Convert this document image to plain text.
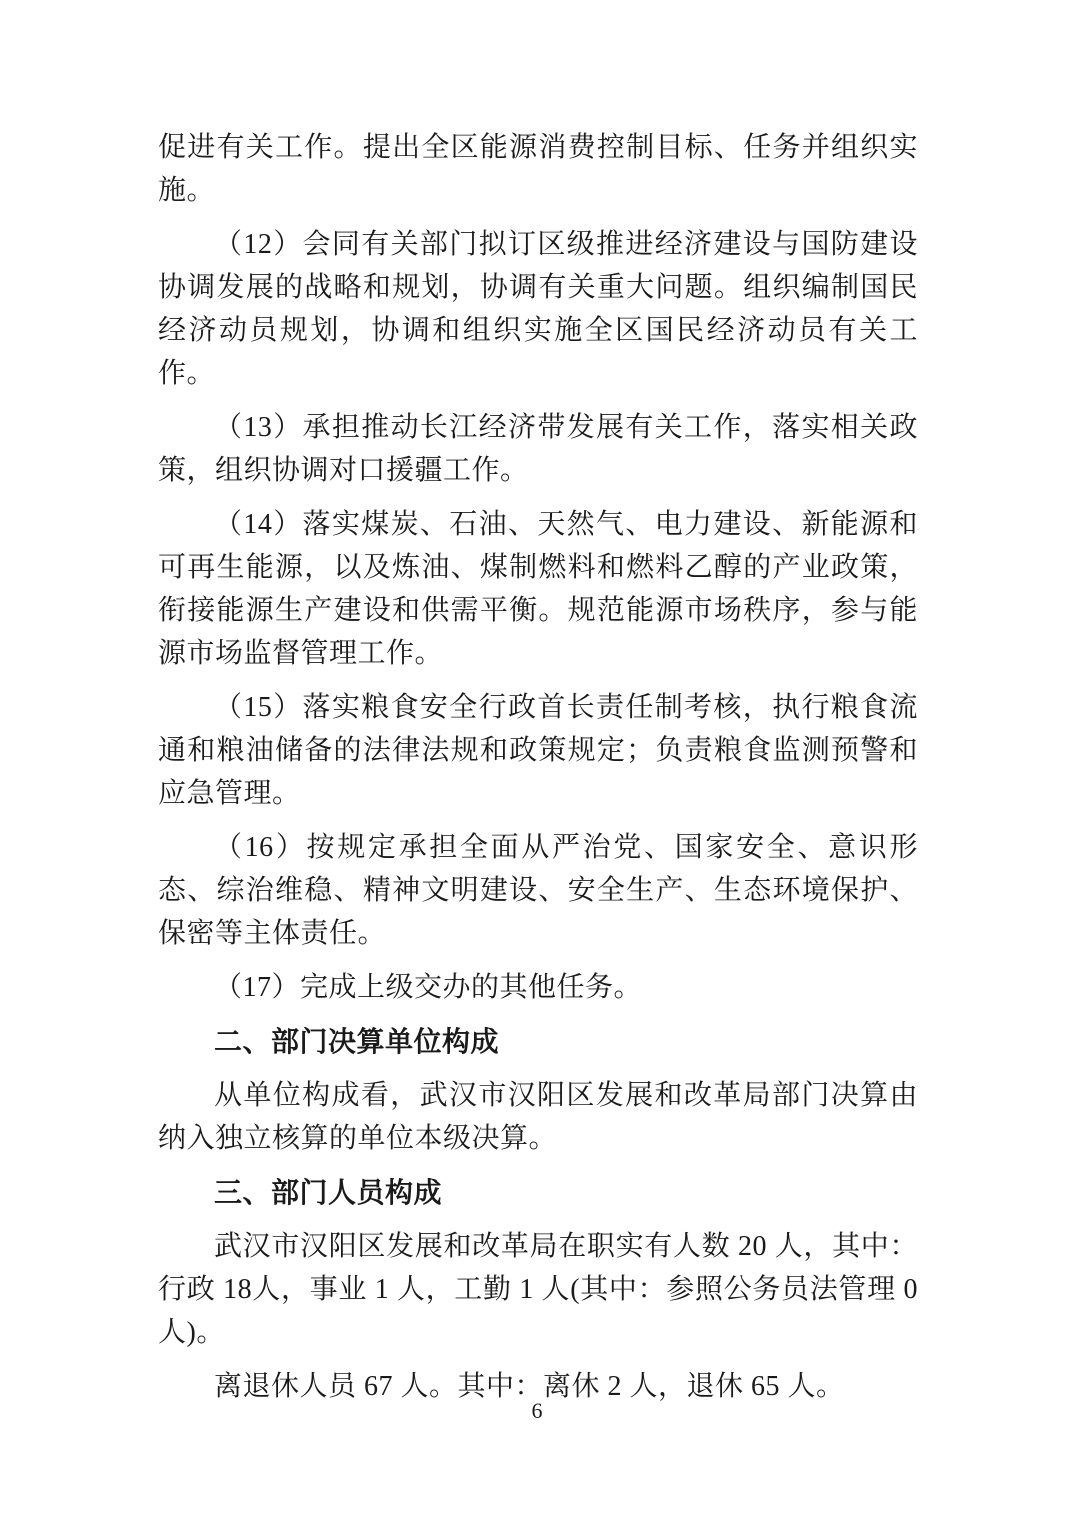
促进有关工作。提出全区能源消费控制目标、任务并组织实施。

（12）会同有关部门拟订区级推进经济建设与国防建设协调发展的战略和规划，协调有关重大问题。组织编制国民经济动员规划，协调和组织实施全区国民经济动员有关工作。

（13）承担推动长江经济带发展有关工作，落实相关政策，组织协调对口援疆工作。

（14）落实煤炭、石油、天然气、电力建设、新能源和可再生能源，以及炼油、煤制燃料和燃料乙醇的产业政策，衔接能源生产建设和供需平衡。规范能源市场秩序，参与能源市场监督管理工作。

（15）落实粮食安全行政首长责任制考核，执行粮食流通和粮油储备的法律法规和政策规定；负责粮食监测预警和应急管理。

（16）按规定承担全面从严治党、国家安全、意识形态、综治维稳、精神文明建设、安全生产、生态环境保护、保密等主体责任。

（17）完成上级交办的其他任务。

二、部门决算单位构成

从单位构成看，武汉市汉阳区发展和改革局部门决算由纳入独立核算的单位本级决算。

三、部门人员构成

武汉市汉阳区发展和改革局在职实有人数 20 人，其中：行政 18人，事业 1 人，工勤 1 人(其中：参照公务员法管理 0 人)。

离退休人员 67 人。其中：离休 2 人，退休 65 人。

6
